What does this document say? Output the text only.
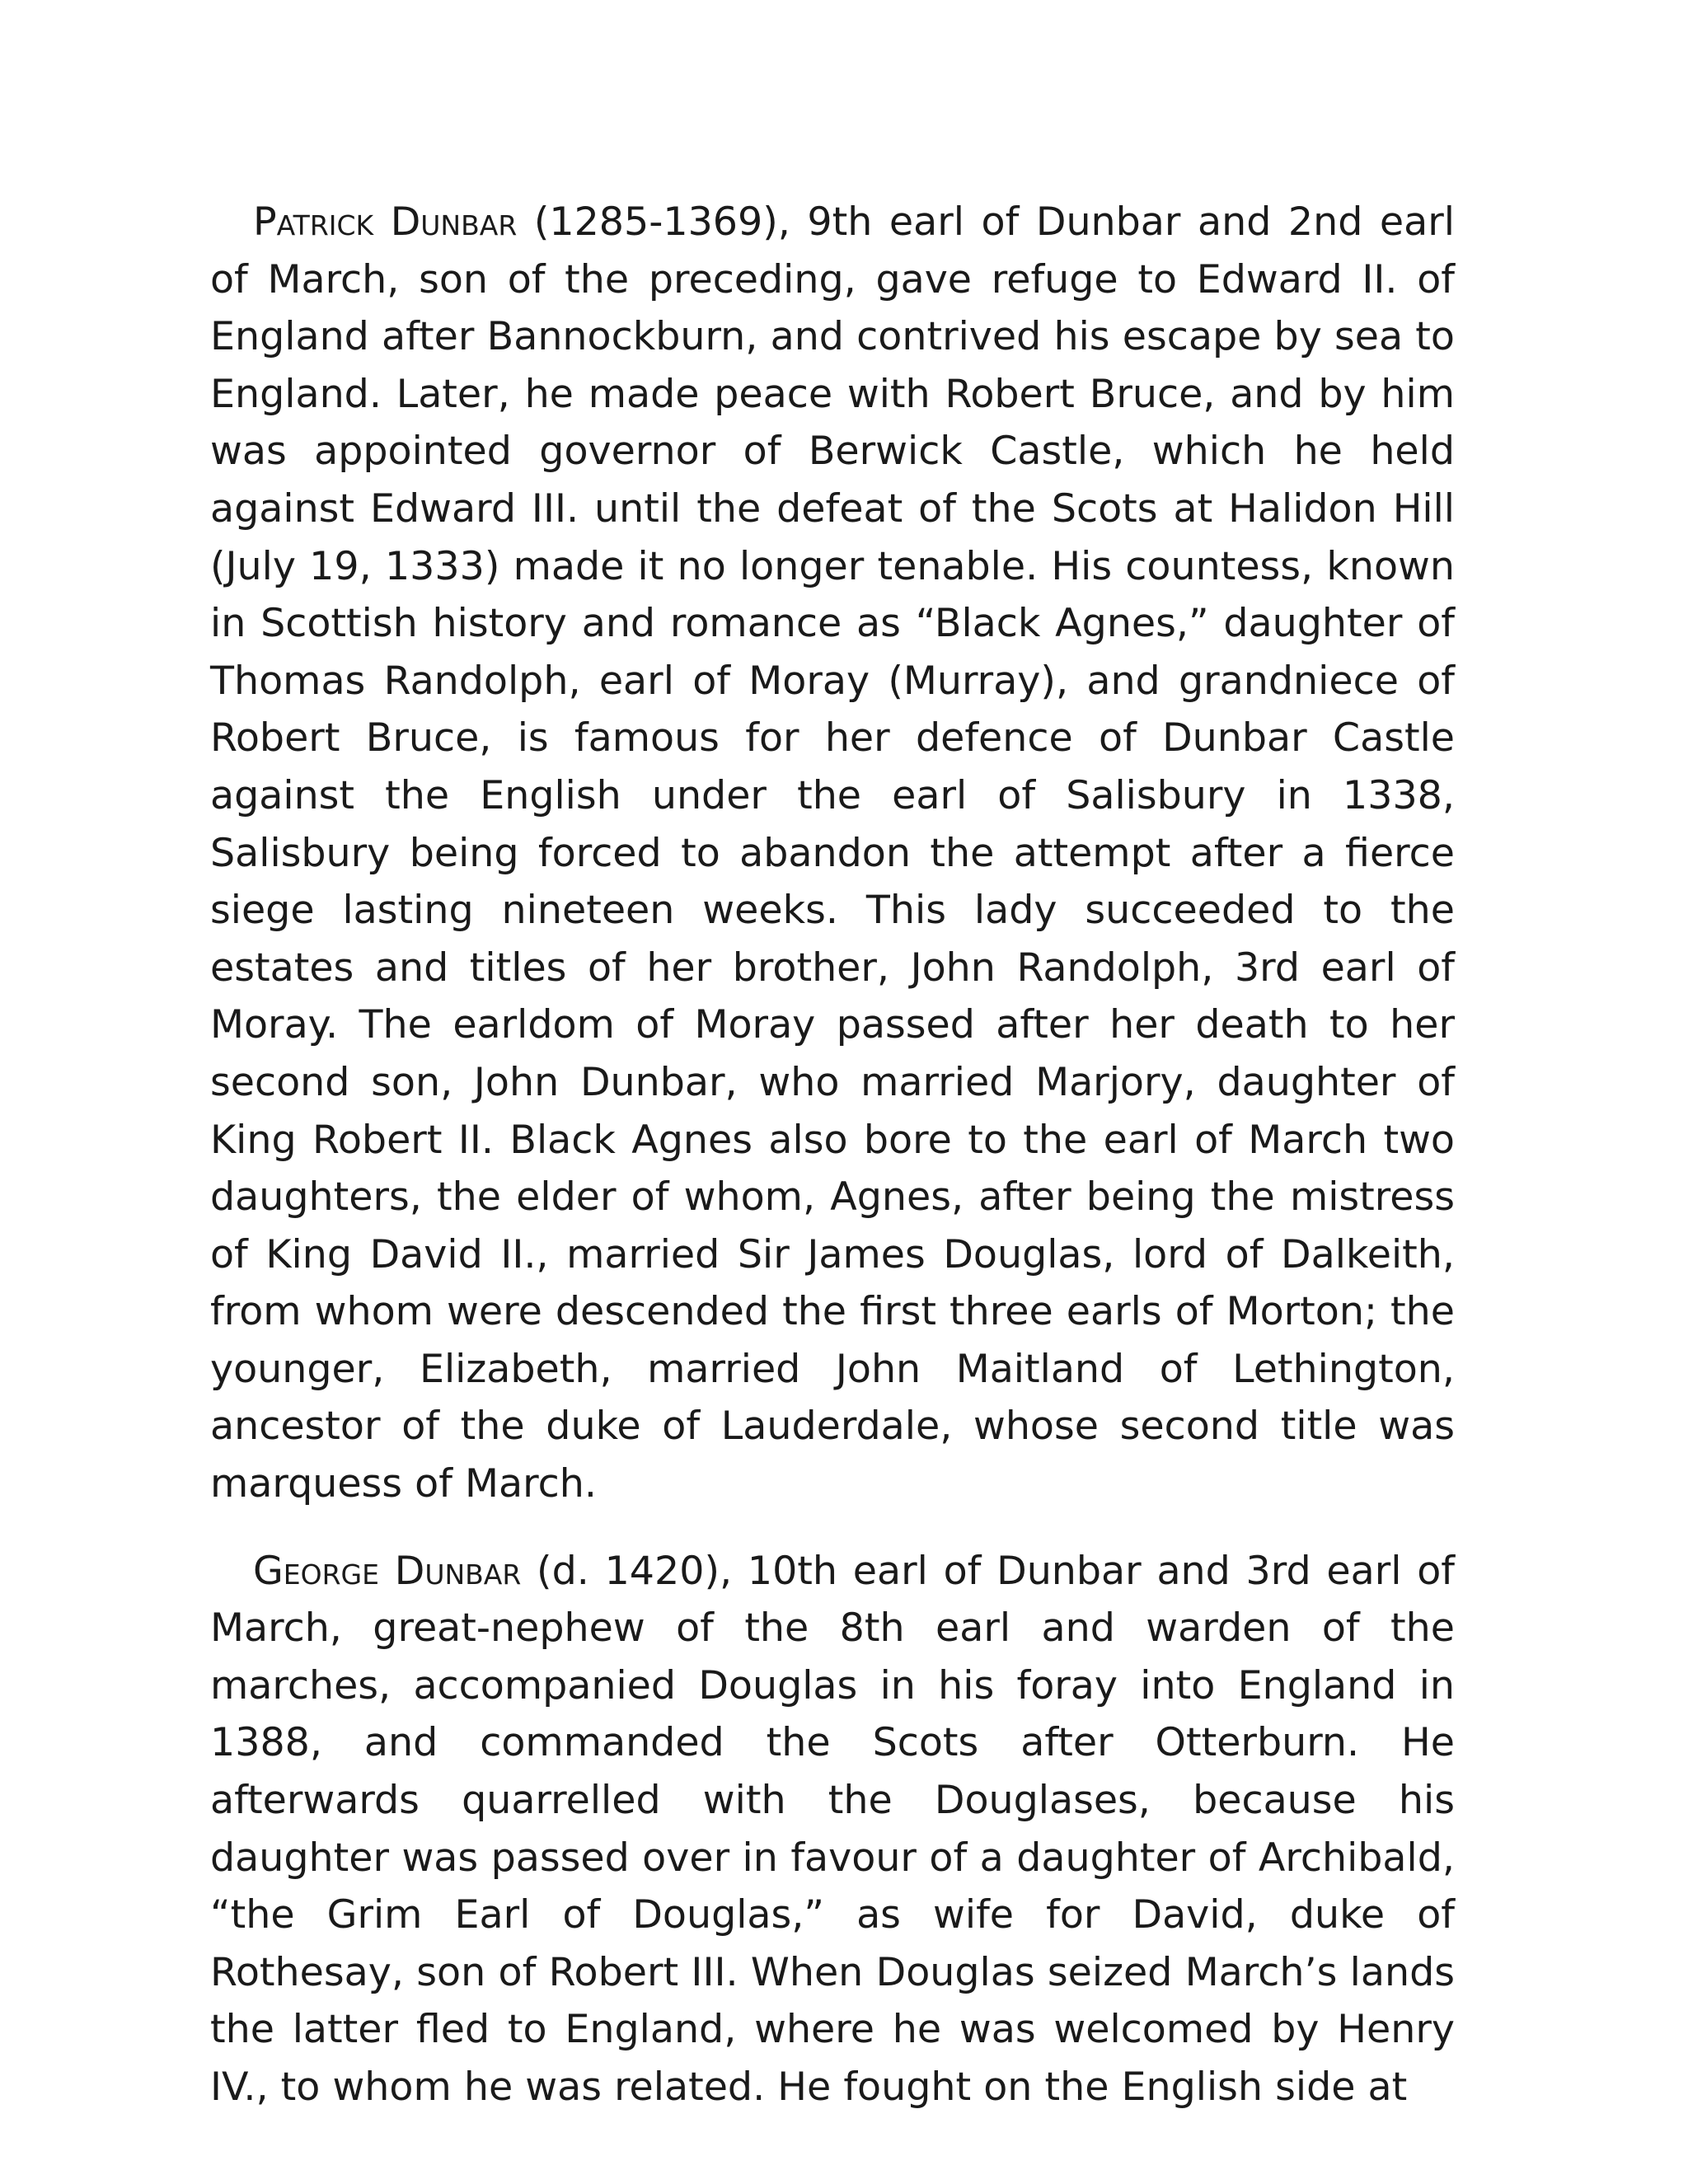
Patrick Dunbar (1285-1369), 9th earl of Dunbar and 2nd earl of March, son of the preceding, gave refuge to Edward II. of England after Bannockburn, and contrived his escape by sea to England. Later, he made peace with Robert Bruce, and by him was appointed governor of Berwick Castle, which he held against Edward III. until the defeat of the Scots at Halidon Hill (July 19, 1333) made it no longer tenable. His countess, known in Scottish history and romance as “Black Agnes,” daughter of Thomas Randolph, earl of Moray (Murray), and grandniece of Robert Bruce, is famous for her defence of Dunbar Castle against the English under the earl of Salisbury in 1338, Salisbury being forced to abandon the attempt after a fierce siege lasting nineteen weeks. This lady succeeded to the estates and titles of her brother, John Randolph, 3rd earl of Moray. The earldom of Moray passed after her death to her second son, John Dunbar, who married Marjory, daughter of King Robert II. Black Agnes also bore to the earl of March two daughters, the elder of whom, Agnes, after being the mistress of King David II., married Sir James Douglas, lord of Dalkeith, from whom were descended the first three earls of Morton; the younger, Elizabeth, married John Maitland of Lethington, ancestor of the duke of Lauderdale, whose second title was marquess of March.

George Dunbar (d. 1420), 10th earl of Dunbar and 3rd earl of March, great-nephew of the 8th earl and warden of the marches, accompanied Douglas in his foray into England in 1388, and commanded the Scots after Otterburn. He afterwards quarrelled with the Douglases, because his daughter was passed over in favour of a daughter of Archibald, “the Grim Earl of Douglas,” as wife for David, duke of Rothesay, son of Robert III. When Douglas seized March’s lands the latter fled to England, where he was welcomed by Henry IV., to whom he was related. He fought on the English side at
